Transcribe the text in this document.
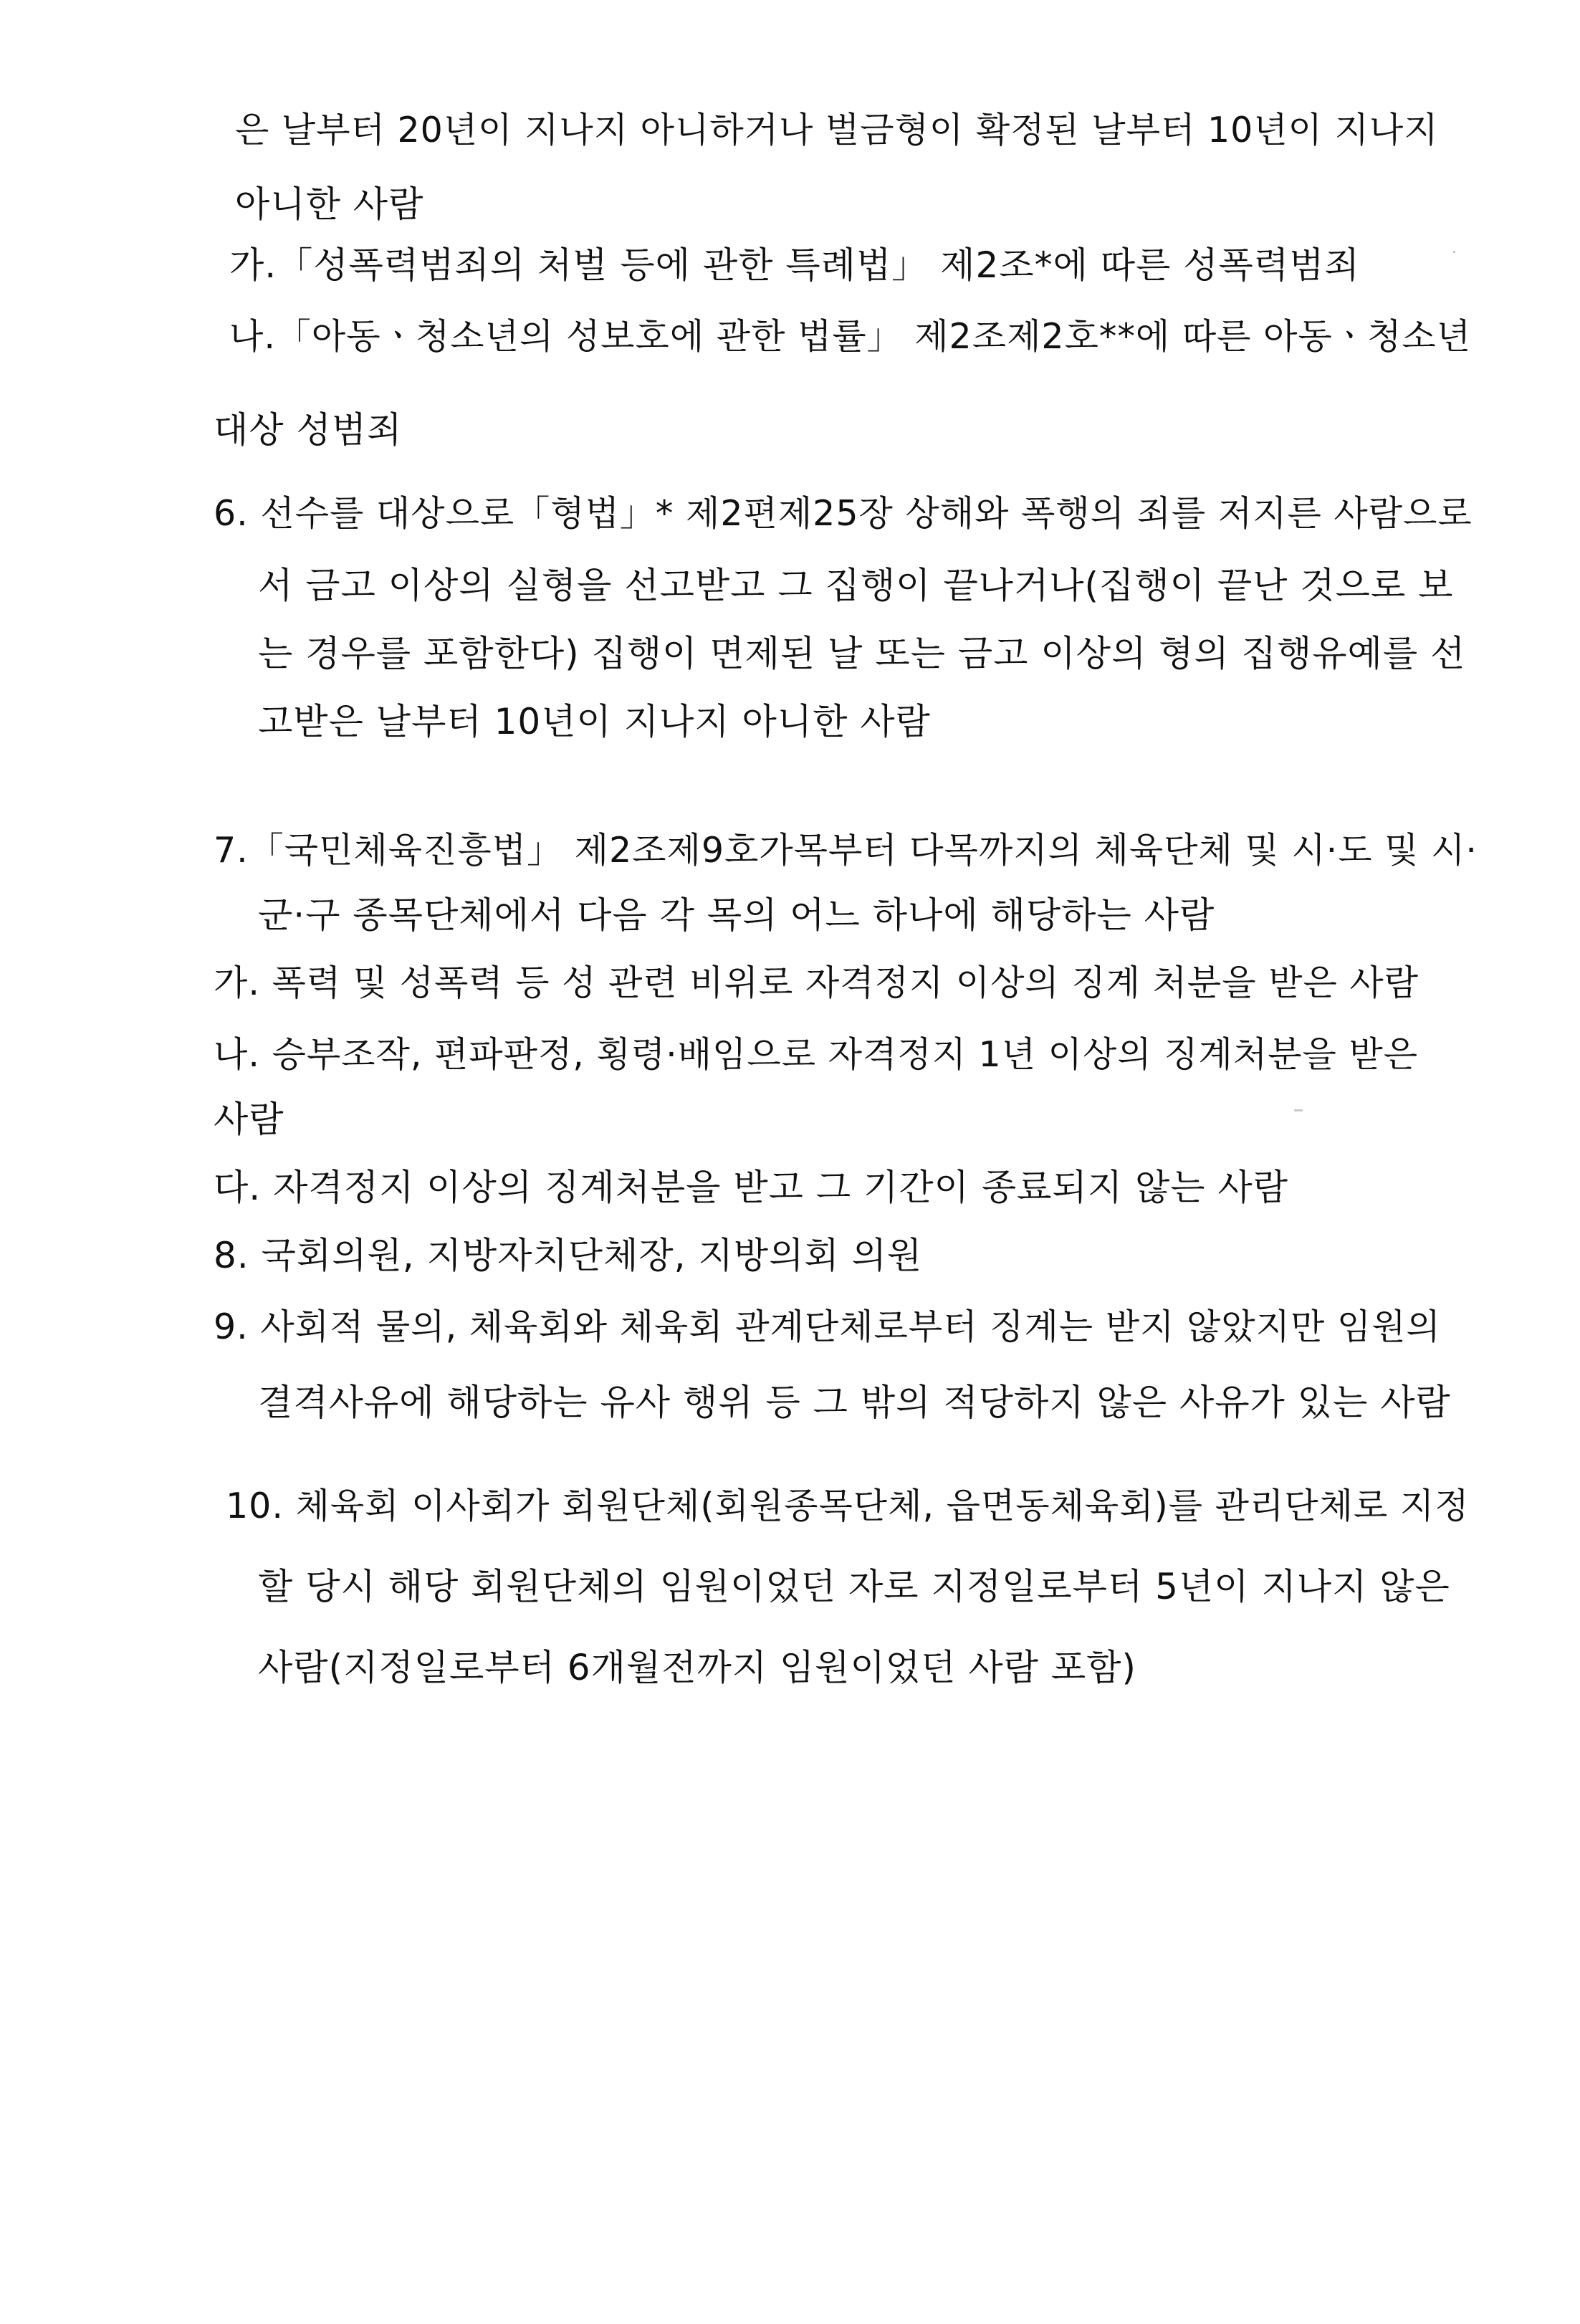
은 날부터 20년이 지나지 아니하거나 벌금형이 확정된 날부터 10년이 지나지
아니한 사람
가.「성폭력범죄의 처벌 등에 관한 특례법」 제2조*에 따른 성폭력범죄
나.「아동ㆍ청소년의 성보호에 관한 법률」 제2조제2호**에 따른 아동ㆍ청소년
대상 성범죄
6. 선수를 대상으로「형법」* 제2편제25장 상해와 폭행의 죄를 저지른 사람으로
서 금고 이상의 실형을 선고받고 그 집행이 끝나거나(집행이 끝난 것으로 보
는 경우를 포함한다) 집행이 면제된 날 또는 금고 이상의 형의 집행유예를 선
고받은 날부터 10년이 지나지 아니한 사람
7.「국민체육진흥법」 제2조제9호가목부터 다목까지의 체육단체 및 시·도 및 시·
군·구 종목단체에서 다음 각 목의 어느 하나에 해당하는 사람
가. 폭력 및 성폭력 등 성 관련 비위로 자격정지 이상의 징계 처분을 받은 사람
나. 승부조작, 편파판정, 횡령·배임으로 자격정지 1년 이상의 징계처분을 받은
사람
다. 자격정지 이상의 징계처분을 받고 그 기간이 종료되지 않는 사람
8. 국회의원, 지방자치단체장, 지방의회 의원
9. 사회적 물의, 체육회와 체육회 관계단체로부터 징계는 받지 않았지만 임원의
결격사유에 해당하는 유사 행위 등 그 밖의 적당하지 않은 사유가 있는 사람
10. 체육회 이사회가 회원단체(회원종목단체, 읍면동체육회)를 관리단체로 지정
할 당시 해당 회원단체의 임원이었던 자로 지정일로부터 5년이 지나지 않은
사람(지정일로부터 6개월전까지 임원이었던 사람 포함)
